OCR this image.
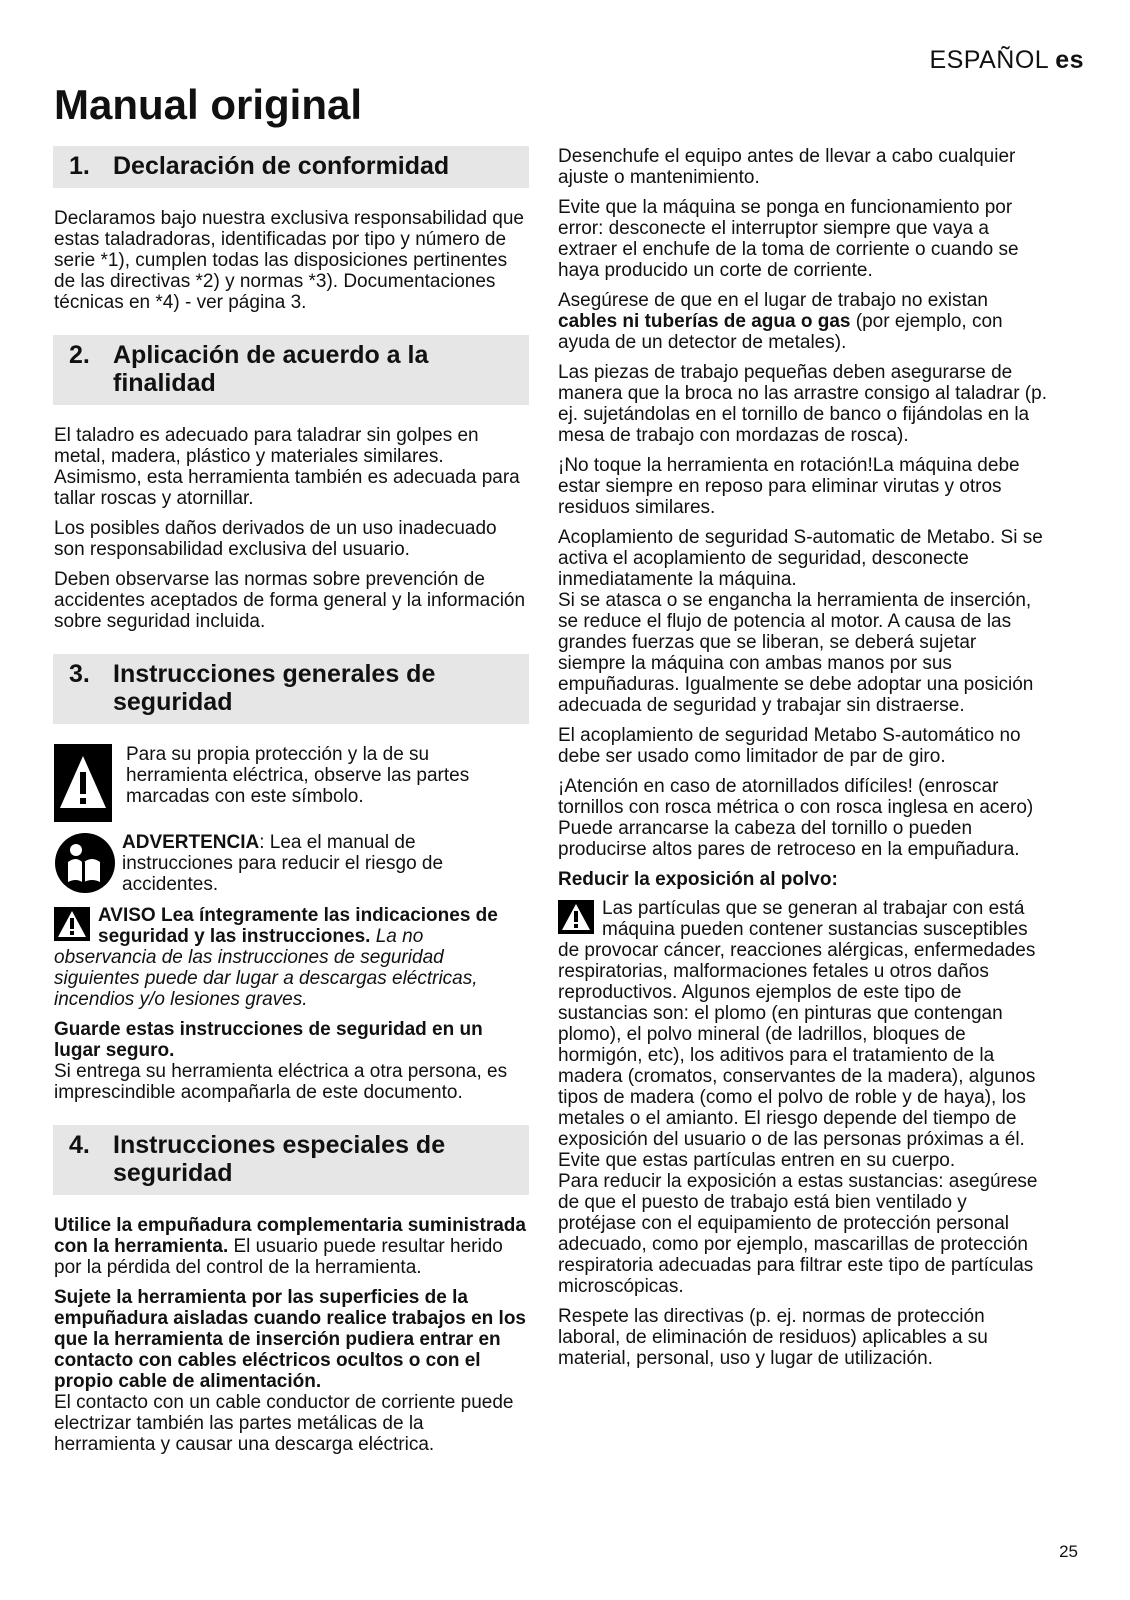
ESPAÑOL es
Manual original
1. Declaración de conformidad

Declaramos bajo nuestra exclusiva responsabilidad que estas taladradoras, identificadas por tipo y número de serie *1), cumplen todas las disposiciones pertinentes de las directivas *2) y normas *3). Documentaciones técnicas en *4) - ver página 3.

2. Aplicación de acuerdo a la finalidad

El taladro es adecuado para taladrar sin golpes en metal, madera, plástico y materiales similares. Asimismo, esta herramienta también es adecuada para tallar roscas y atornillar.

Los posibles daños derivados de un uso inadecuado son responsabilidad exclusiva del usuario.

Deben observarse las normas sobre prevención de accidentes aceptados de forma general y la información sobre seguridad incluida.

3. Instrucciones generales de seguridad
Para su propia protección y la de su herramienta eléctrica, observe las partes marcadas con este símbolo.
ADVERTENCIA: Lea el manual de instrucciones para reducir el riesgo de accidentes.

AVISO Lea íntegramente las indicaciones de seguridad y las instrucciones. La no observancia de las instrucciones de seguridad siguientes puede dar lugar a descargas eléctricas, incendios y/o lesiones graves.

Guarde estas instrucciones de seguridad en un lugar seguro.
Si entrega su herramienta eléctrica a otra persona, es imprescindible acompañarla de este documento.

4. Instrucciones especiales de seguridad

Utilice la empuñadura complementaria suministrada con la herramienta. El usuario puede resultar herido por la pérdida del control de la herramienta.

Sujete la herramienta por las superficies de la empuñadura aisladas cuando realice trabajos en los que la herramienta de inserción pudiera entrar en contacto con cables eléctricos ocultos o con el propio cable de alimentación.
El contacto con un cable conductor de corriente puede electrizar también las partes metálicas de la herramienta y causar una descarga eléctrica.

Desenchufe el equipo antes de llevar a cabo cualquier ajuste o mantenimiento.

Evite que la máquina se ponga en funcionamiento por error: desconecte el interruptor siempre que vaya a extraer el enchufe de la toma de corriente o cuando se haya producido un corte de corriente.

Asegúrese de que en el lugar de trabajo no existan cables ni tuberías de agua o gas (por ejemplo, con ayuda de un detector de metales).

Las piezas de trabajo pequeñas deben asegurarse de manera que la broca no las arrastre consigo al taladrar (p. ej. sujetándolas en el tornillo de banco o fijándolas en la mesa de trabajo con mordazas de rosca).

¡No toque la herramienta en rotación!La máquina debe estar siempre en reposo para eliminar virutas y otros residuos similares.

Acoplamiento de seguridad S-automatic de Metabo. Si se activa el acoplamiento de seguridad, desconecte inmediatamente la máquina.
Si se atasca o se engancha la herramienta de inserción, se reduce el flujo de potencia al motor. A causa de las grandes fuerzas que se liberan, se deberá sujetar siempre la máquina con ambas manos por sus empuñaduras. Igualmente se debe adoptar una posición adecuada de seguridad y trabajar sin distraerse.

El acoplamiento de seguridad Metabo S-automático no debe ser usado como limitador de par de giro.

¡Atención en caso de atornillados difíciles! (enroscar tornillos con rosca métrica o con rosca inglesa en acero) Puede arrancarse la cabeza del tornillo o pueden producirse altos pares de retroceso en la empuñadura.

Reducir la exposición al polvo:

Las partículas que se generan al trabajar con está máquina pueden contener sustancias susceptibles de provocar cáncer, reacciones alérgicas, enfermedades respiratorias, malformaciones fetales u otros daños reproductivos. Algunos ejemplos de este tipo de sustancias son: el plomo (en pinturas que contengan plomo), el polvo mineral (de ladrillos, bloques de hormigón, etc), los aditivos para el tratamiento de la madera (cromatos, conservantes de la madera), algunos tipos de madera (como el polvo de roble y de haya), los metales o el amianto. El riesgo depende del tiempo de exposición del usuario o de las personas próximas a él.
Evite que estas partículas entren en su cuerpo.
Para reducir la exposición a estas sustancias: asegúrese de que el puesto de trabajo está bien ventilado y protéjase con el equipamiento de protección personal adecuado, como por ejemplo, mascarillas de protección respiratoria adecuadas para filtrar este tipo de partículas microscópicas.

Respete las directivas (p. ej. normas de protección laboral, de eliminación de residuos) aplicables a su material, personal, uso y lugar de utilización.

25
